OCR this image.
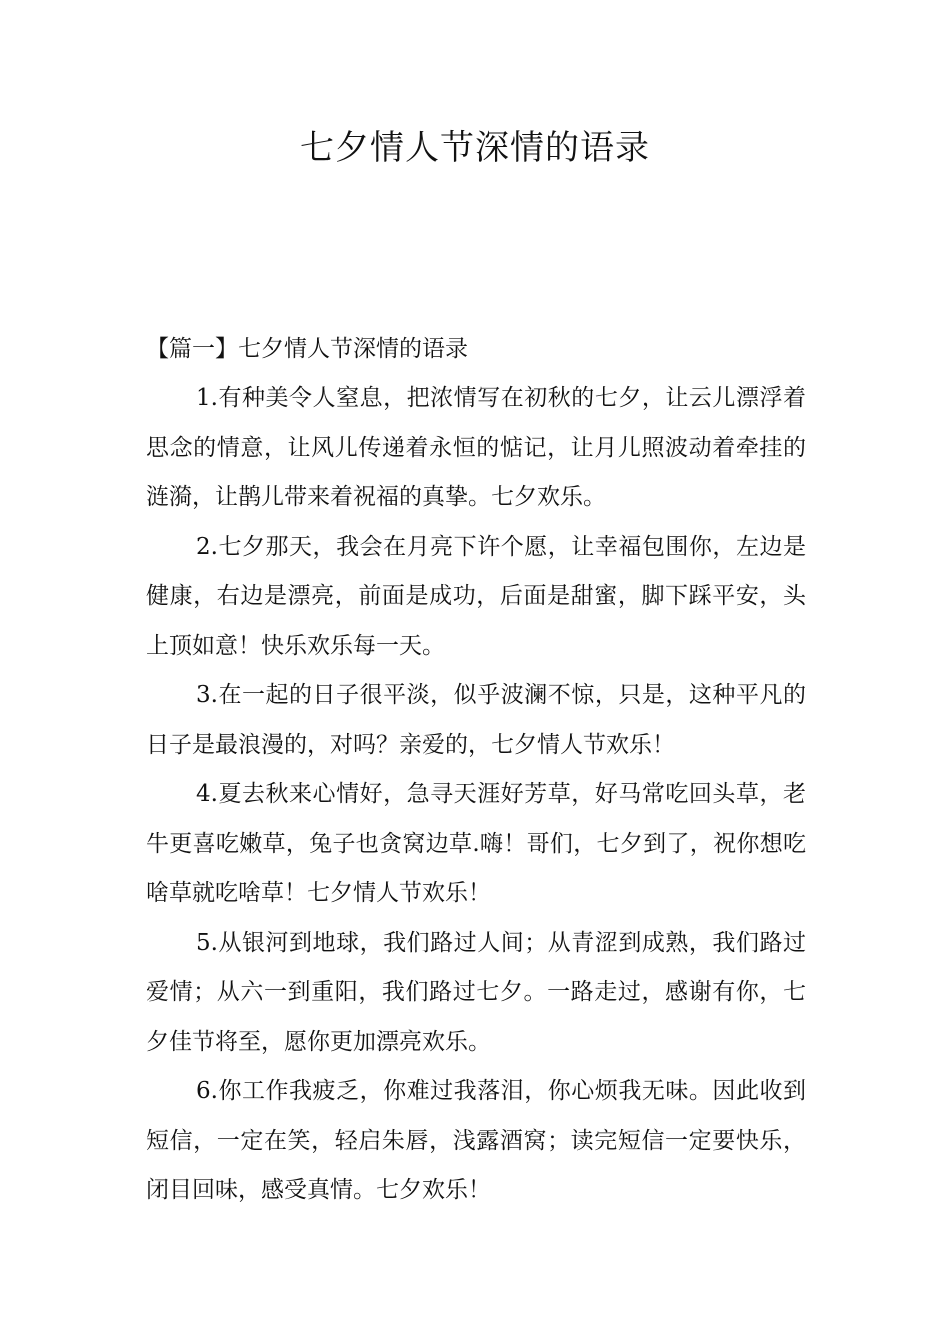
七夕情人节深情的语录

【篇一】七夕情人节深情的语录

1.有种美令人窒息，把浓情写在初秋的七夕，让云儿漂浮着思念的情意，让风儿传递着永恒的惦记，让月儿照波动着牵挂的涟漪，让鹊儿带来着祝福的真挚。七夕欢乐。

2.七夕那天，我会在月亮下许个愿，让幸福包围你，左边是健康，右边是漂亮，前面是成功，后面是甜蜜，脚下踩平安，头上顶如意！快乐欢乐每一天。

3.在一起的日子很平淡，似乎波澜不惊，只是，这种平凡的日子是最浪漫的，对吗？亲爱的，七夕情人节欢乐！

4.夏去秋来心情好，急寻天涯好芳草，好马常吃回头草，老牛更喜吃嫩草，兔子也贪窝边草.嗨！哥们，七夕到了，祝你想吃啥草就吃啥草！七夕情人节欢乐！

5.从银河到地球，我们路过人间；从青涩到成熟，我们路过爱情；从六一到重阳，我们路过七夕。一路走过，感谢有你，七夕佳节将至，愿你更加漂亮欢乐。

6.你工作我疲乏，你难过我落泪，你心烦我无味。因此收到短信，一定在笑，轻启朱唇，浅露酒窝；读完短信一定要快乐，闭目回味，感受真情。七夕欢乐！
